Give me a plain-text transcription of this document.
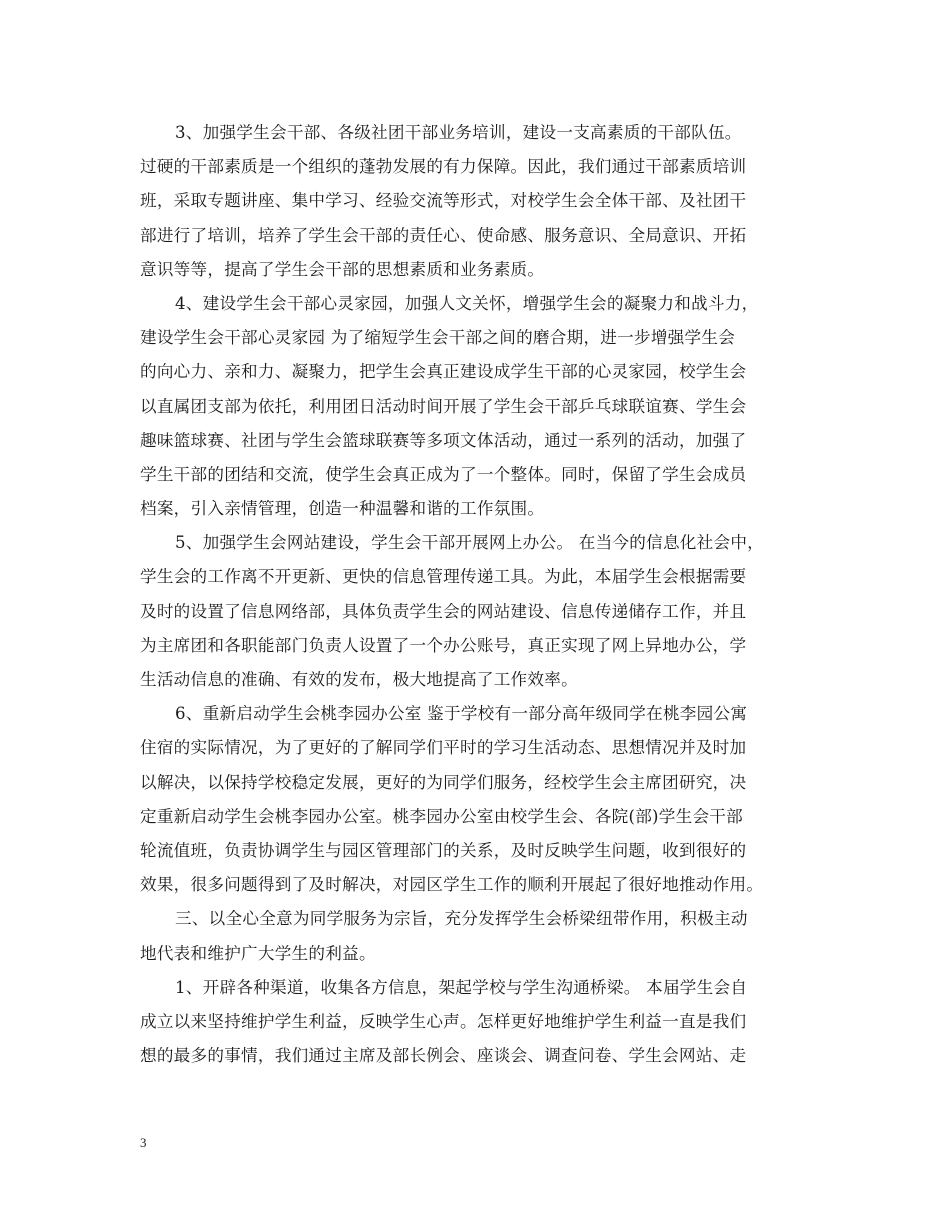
3、加强学生会干部、各级社团干部业务培训，建设一支高素质的干部队伍。
过硬的干部素质是一个组织的蓬勃发展的有力保障。因此，我们通过干部素质培训
班，采取专题讲座、集中学习、经验交流等形式，对校学生会全体干部、及社团干
部进行了培训，培养了学生会干部的责任心、使命感、服务意识、全局意识、开拓
意识等等，提高了学生会干部的思想素质和业务素质。
4、建设学生会干部心灵家园，加强人文关怀，增强学生会的凝聚力和战斗力，
建设学生会干部心灵家园 为了缩短学生会干部之间的磨合期，进一步增强学生会
的向心力、亲和力、凝聚力，把学生会真正建设成学生干部的心灵家园，校学生会
以直属团支部为依托，利用团日活动时间开展了学生会干部乒乓球联谊赛、学生会
趣味篮球赛、社团与学生会篮球联赛等多项文体活动，通过一系列的活动，加强了
学生干部的团结和交流，使学生会真正成为了一个整体。同时，保留了学生会成员
档案，引入亲情管理，创造一种温馨和谐的工作氛围。
5、加强学生会网站建设，学生会干部开展网上办公。 在当今的信息化社会中，
学生会的工作离不开更新、更快的信息管理传递工具。为此，本届学生会根据需要
及时的设置了信息网络部，具体负责学生会的网站建设、信息传递储存工作，并且
为主席团和各职能部门负责人设置了一个办公账号，真正实现了网上异地办公，学
生活动信息的准确、有效的发布，极大地提高了工作效率。
6、重新启动学生会桃李园办公室 鉴于学校有一部分高年级同学在桃李园公寓
住宿的实际情况，为了更好的了解同学们平时的学习生活动态、思想情况并及时加
以解决，以保持学校稳定发展，更好的为同学们服务，经校学生会主席团研究，决
定重新启动学生会桃李园办公室。桃李园办公室由校学生会、各院(部)学生会干部
轮流值班，负责协调学生与园区管理部门的关系，及时反映学生问题，收到很好的
效果，很多问题得到了及时解决，对园区学生工作的顺利开展起了很好地推动作用。
三、以全心全意为同学服务为宗旨，充分发挥学生会桥梁纽带作用，积极主动
地代表和维护广大学生的利益。
1、开辟各种渠道，收集各方信息，架起学校与学生沟通桥梁。 本届学生会自
成立以来坚持维护学生利益，反映学生心声。怎样更好地维护学生利益一直是我们
想的最多的事情，我们通过主席及部长例会、座谈会、调查问卷、学生会网站、走
3
